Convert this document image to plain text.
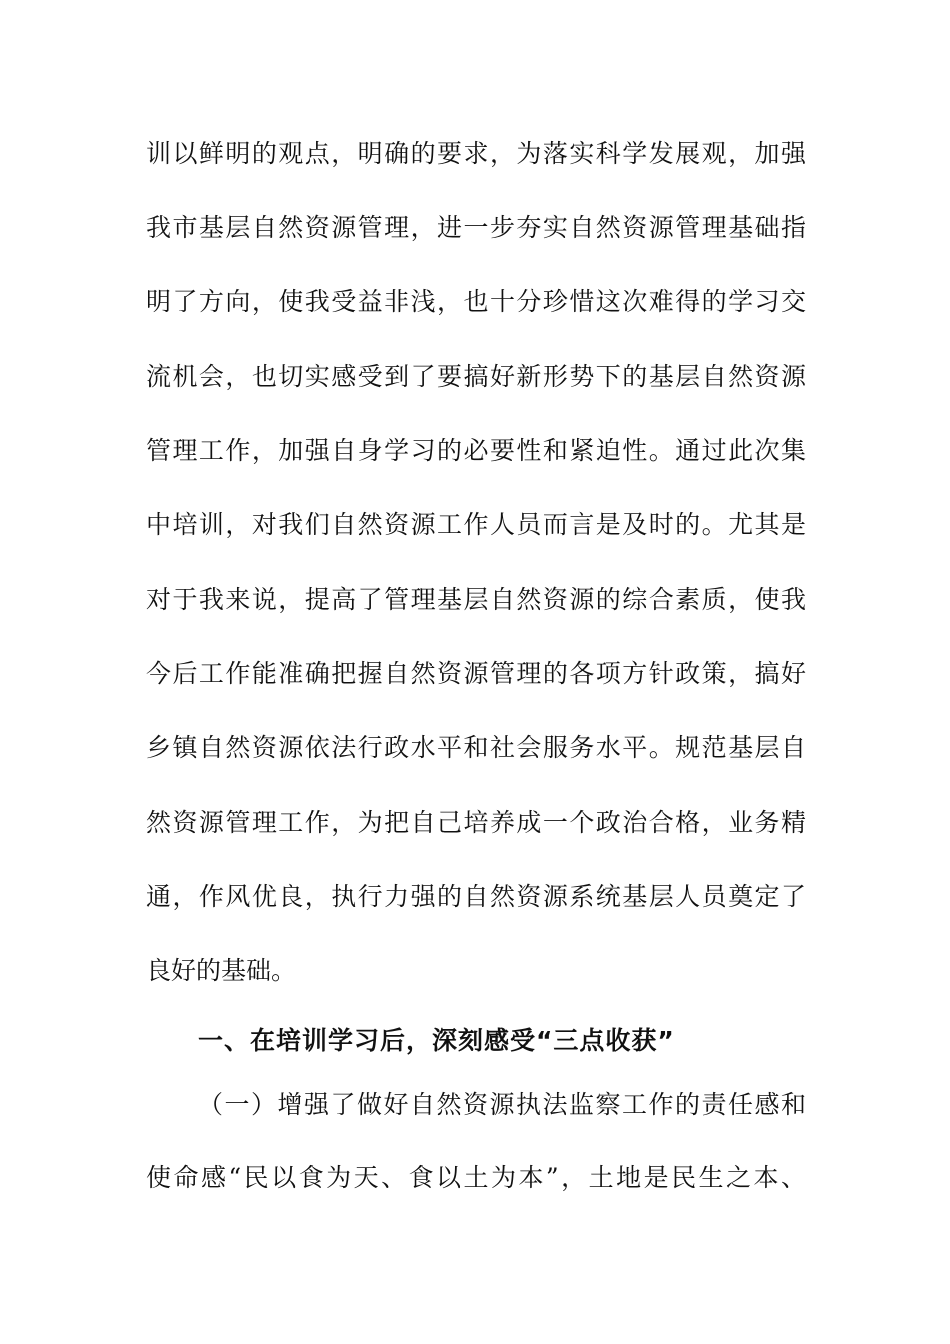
训以鲜明的观点，明确的要求，为落实科学发展观，加强
我市基层自然资源管理，进一步夯实自然资源管理基础指
明了方向，使我受益非浅，也十分珍惜这次难得的学习交
流机会，也切实感受到了要搞好新形势下的基层自然资源
管理工作，加强自身学习的必要性和紧迫性。通过此次集
中培训，对我们自然资源工作人员而言是及时的。尤其是
对于我来说，提高了管理基层自然资源的综合素质，使我
今后工作能准确把握自然资源管理的各项方针政策，搞好
乡镇自然资源依法行政水平和社会服务水平。规范基层自
然资源管理工作，为把自己培养成一个政治合格，业务精
通，作风优良，执行力强的自然资源系统基层人员奠定了
良好的基础。
一、在培训学习后，深刻感受“三点收获”
（一）增强了做好自然资源执法监察工作的责任感和
使命感“民以食为天、食以土为本”，土地是民生之本、
